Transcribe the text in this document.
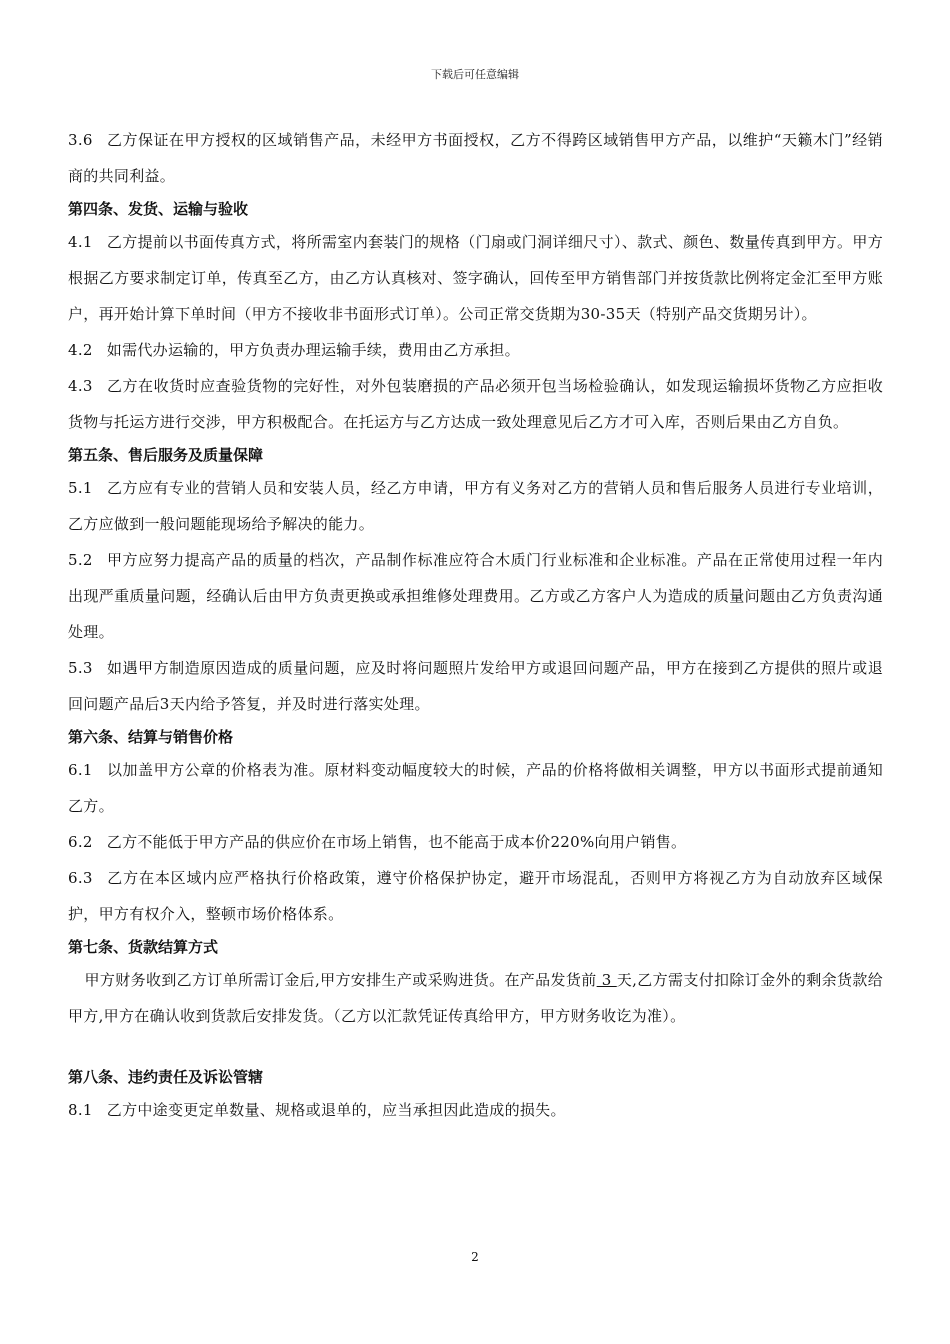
下载后可任意编辑

3.6 乙方保证在甲方授权的区域销售产品，未经甲方书面授权，乙方不得跨区域销售甲方产品，以维护“天籁木门”经销商的共同利益。

第四条、发货、运输与验收

4.1 乙方提前以书面传真方式，将所需室内套装门的规格（门扇或门洞详细尺寸）、款式、颜色、数量传真到甲方。甲方根据乙方要求制定订单，传真至乙方，由乙方认真核对、签字确认，回传至甲方销售部门并按货款比例将定金汇至甲方账户，再开始计算下单时间（甲方不接收非书面形式订单）。公司正常交货期为30-35天（特别产品交货期另计）。

4.2 如需代办运输的，甲方负责办理运输手续，费用由乙方承担。

4.3 乙方在收货时应查验货物的完好性，对外包装磨损的产品必须开包当场检验确认，如发现运输损坏货物乙方应拒收货物与托运方进行交涉，甲方积极配合。在托运方与乙方达成一致处理意见后乙方才可入库，否则后果由乙方自负。

第五条、售后服务及质量保障

5.1 乙方应有专业的营销人员和安装人员，经乙方申请，甲方有义务对乙方的营销人员和售后服务人员进行专业培训，乙方应做到一般问题能现场给予解决的能力。

5.2 甲方应努力提高产品的质量的档次，产品制作标准应符合木质门行业标准和企业标准。产品在正常使用过程一年内出现严重质量问题，经确认后由甲方负责更换或承担维修处理费用。乙方或乙方客户人为造成的质量问题由乙方负责沟通处理。

5.3 如遇甲方制造原因造成的质量问题，应及时将问题照片发给甲方或退回问题产品，甲方在接到乙方提供的照片或退回问题产品后3天内给予答复，并及时进行落实处理。

第六条、结算与销售价格

6.1 以加盖甲方公章的价格表为准。原材料变动幅度较大的时候，产品的价格将做相关调整，甲方以书面形式提前通知乙方。

6.2 乙方不能低于甲方产品的供应价在市场上销售，也不能高于成本价220%向用户销售。

6.3 乙方在本区域内应严格执行价格政策，遵守价格保护协定，避开市场混乱，否则甲方将视乙方为自动放弃区域保护，甲方有权介入，整顿市场价格体系。

第七条、货款结算方式

甲方财务收到乙方订单所需订金后,甲方安排生产或采购进货。在产品发货前 3 天,乙方需支付扣除订金外的剩余货款给甲方,甲方在确认收到货款后安排发货。（乙方以汇款凭证传真给甲方，甲方财务收讫为准）。

第八条、违约责任及诉讼管辖

8.1 乙方中途变更定单数量、规格或退单的，应当承担因此造成的损失。

2
